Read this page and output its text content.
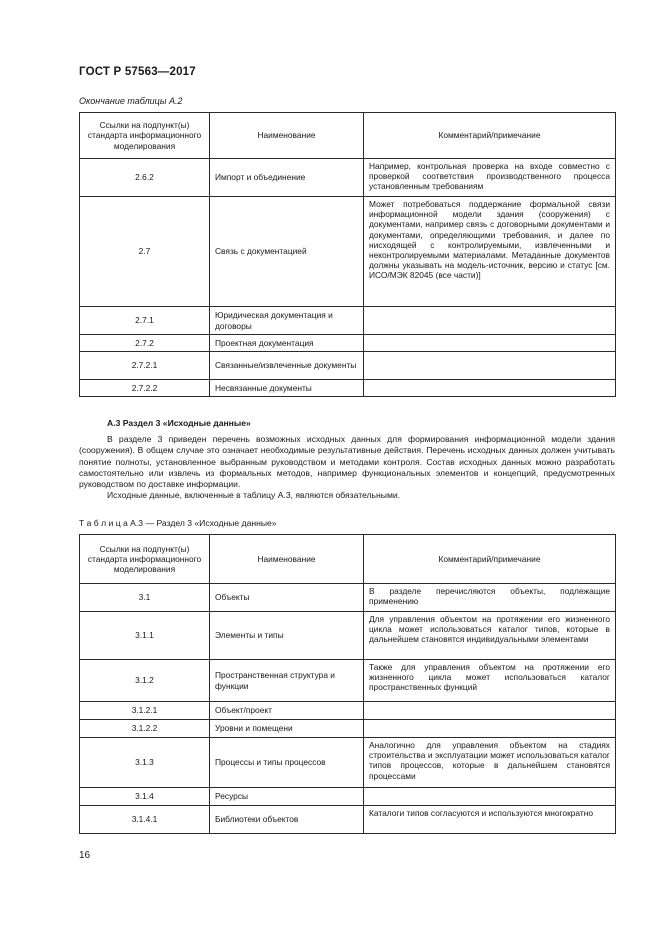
ГОСТ Р 57563—2017
Окончание таблицы А.2
Ссылки на подпункт(ы) стандарта информационного моделирования	Наименование	Комментарий/примечание
2.6.2	Импорт и объединение	Например, контрольная проверка на входе совместно с проверкой соответствия производственного процесса установленным требованиям
2.7	Связь с документацией	Может потребоваться поддержание формальной связи информационной модели здания (сооружения) с документами, например связь с договорными документами и документами, определяющими требования, и далее по нисходящей с контролируемыми, извлеченными и неконтролируемыми материалами. Метаданные документов должны указывать на модель-источник, версию и статус [см. ИСО/МЭК 82045 (все части)]
2.7.1	Юридическая документация и договоры	
2.7.2	Проектная документация	
2.7.2.1	Связанные/извлеченные документы	
2.7.2.2	Несвязанные документы	
А.3 Раздел 3 «Исходные данные»

В разделе 3 приведен перечень возможных исходных данных для формирования информационной модели здания (сооружения). В общем случае это означает необходимые результативные действия. Перечень исходных данных должен учитывать понятие полноты, установленное выбранным руководством и методами контроля. Состав исходных данных можно разработать самостоятельно или извлечь из формальных методов, например функциональных элементов и концепций, предусмотренных руководством по доставке информации.

Исходные данные, включенные в таблицу А.3, являются обязательными.

Т а б л и ц а А.3 — Раздел 3 «Исходные данные»
Ссылки на подпункт(ы) стандарта информационного моделирования	Наименование	Комментарий/примечание
3.1	Объекты	В разделе перечисляются объекты, подлежащие применению
3.1.1	Элементы и типы	Для управления объектом на протяжении его жизненного цикла может использоваться каталог типов, которые в дальнейшем становятся индивидуальными элементами
3.1.2	Пространственная структура и функции	Также для управления объектом на протяжении его жизненного цикла может использоваться каталог пространственных функций
3.1.2.1	Объект/проект	
3.1.2.2	Уровни и помещени	
3.1.3	Процессы и типы процессов	Аналогично для управления объектом на стадиях строительства и эксплуатации может использоваться каталог типов процессов, которые в дальнейшем становятся процессами
3.1.4	Ресурсы	
3.1.4.1	Библиотеки объектов	Каталоги типов согласуются и используются многократно
16
